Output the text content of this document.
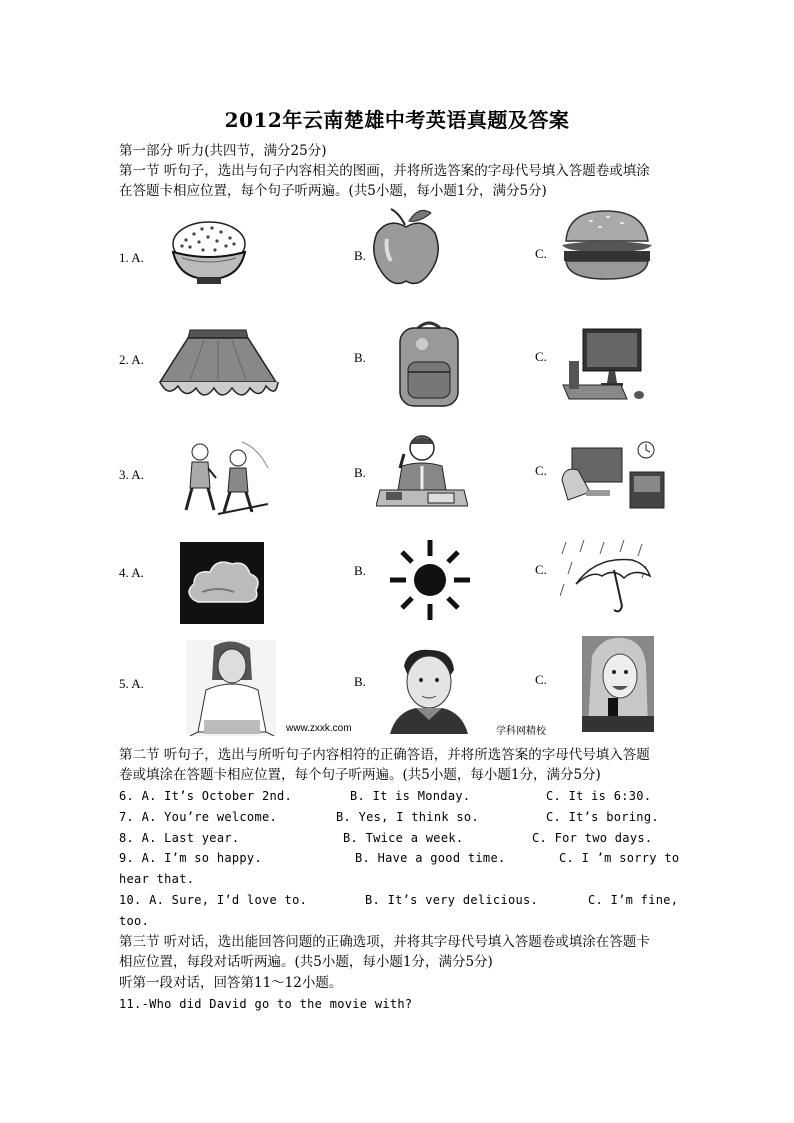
2012年云南楚雄中考英语真题及答案
第一部分 听力(共四节，满分25分)
第一节 听句子，选出与句子内容相关的图画，并将所选答案的字母代号填入答题卷或填涂
在答题卡相应位置，每个句子听两遍。(共5小题，每小题1分，满分5分)
1. A.	B.	C.
2. A.	B.	C.
3. A.	B.	C.
4. A.	B.	C.
5. A.	B.	C.
www.zxxk.com	学科网精校
第二节 听句子，选出与所听句子内容相符的正确答语，并将所选答案的字母代号填入答题
卷或填涂在答题卡相应位置，每个句子听两遍。(共5小题，每小题1分，满分5分)
6. A. It’s October 2nd.	B. It is Monday.	C. It is 6:30.
7. A. You’re welcome.	B. Yes, I think so.	C. It’s boring.
8. A. Last year.	B. Twice a week.	C. For two days.
9. A. I’m so happy.	B. Have a good time.	C. I ’m sorry to
hear that.
10. A. Sure, I’d love to.	B. It’s very delicious.	C. I’m fine,
too.
第三节 听对话，选出能回答问题的正确选项，并将其字母代号填入答题卷或填涂在答题卡
相应位置，每段对话听两遍。(共5小题，每小题1分，满分5分)
听第一段对话，回答第11～12小题。
11.-Who did David go to the movie with?
